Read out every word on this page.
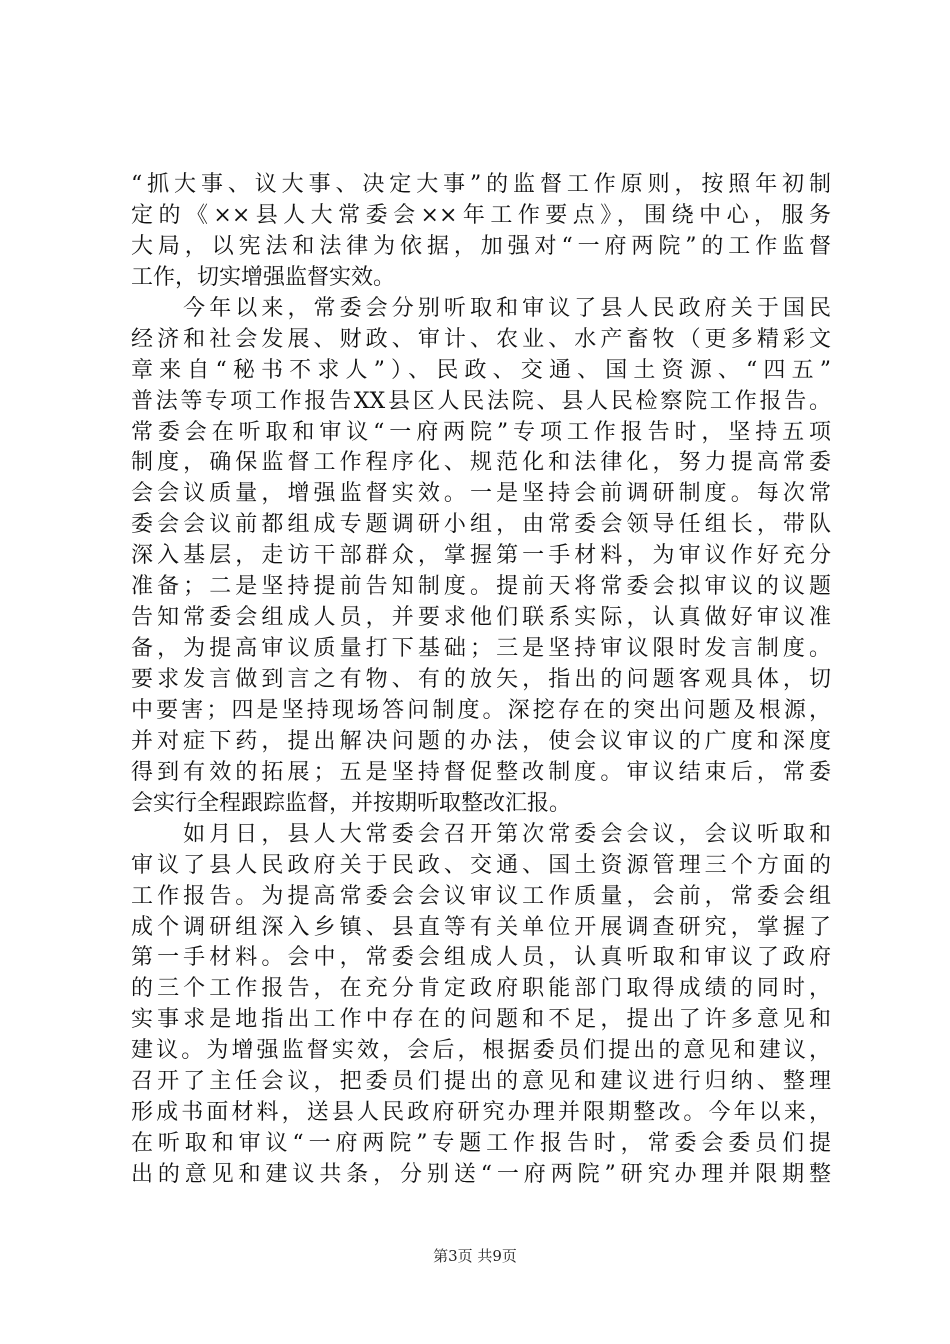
“抓大事、议大事、决定大事”的监督工作原则，按照年初制
定的《××县人大常委会××年工作要点》，围绕中心，服务
大局，以宪法和法律为依据，加强对“一府两院”的工作监督
工作，切实增强监督实效。
　　今年以来，常委会分别听取和审议了县人民政府关于国民
经济和社会发展、财政、审计、农业、水产畜牧（更多精彩文
章来自“秘书不求人”）、民政、交通、国土资源、“四五”
普法等专项工作报告XX县区人民法院、县人民检察院工作报告。
常委会在听取和审议“一府两院”专项工作报告时，坚持五项
制度，确保监督工作程序化、规范化和法律化，努力提高常委
会会议质量，增强监督实效。一是坚持会前调研制度。每次常
委会会议前都组成专题调研小组，由常委会领导任组长，带队
深入基层，走访干部群众，掌握第一手材料，为审议作好充分
准备；二是坚持提前告知制度。提前天将常委会拟审议的议题
告知常委会组成人员，并要求他们联系实际，认真做好审议准
备，为提高审议质量打下基础；三是坚持审议限时发言制度。
要求发言做到言之有物、有的放矢，指出的问题客观具体，切
中要害；四是坚持现场答问制度。深挖存在的突出问题及根源，
并对症下药，提出解决问题的办法，使会议审议的广度和深度
得到有效的拓展；五是坚持督促整改制度。审议结束后，常委
会实行全程跟踪监督，并按期听取整改汇报。
　　如月日，县人大常委会召开第次常委会会议，会议听取和
审议了县人民政府关于民政、交通、国土资源管理三个方面的
工作报告。为提高常委会会议审议工作质量，会前，常委会组
成个调研组深入乡镇、县直等有关单位开展调查研究，掌握了
第一手材料。会中，常委会组成人员，认真听取和审议了政府
的三个工作报告，在充分肯定政府职能部门取得成绩的同时，
实事求是地指出工作中存在的问题和不足，提出了许多意见和
建议。为增强监督实效，会后，根据委员们提出的意见和建议，
召开了主任会议，把委员们提出的意见和建议进行归纳、整理
形成书面材料，送县人民政府研究办理并限期整改。今年以来，
在听取和审议“一府两院”专题工作报告时，常委会委员们提
出的意见和建议共条，分别送“一府两院”研究办理并限期整
第3页 共9页
